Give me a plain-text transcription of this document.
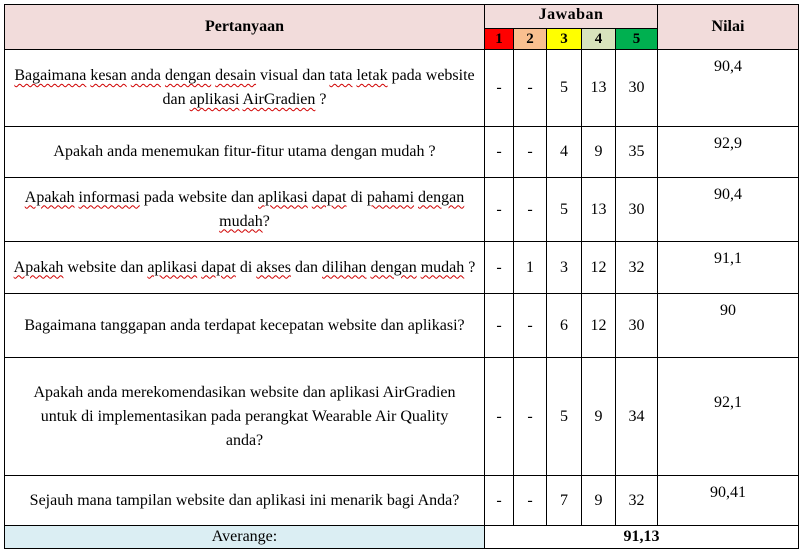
Pertanyaan	Jawaban					Nilai
	1	2	3	4	5	
Bagaimana kesan anda dengan desain visual dan tata letak pada website dan aplikasi AirGradien ?	-	-	5	13	30	90,4
Apakah anda menemukan fitur-fitur utama dengan mudah ?	-	-	4	9	35	92,9
Apakah informasi pada website dan aplikasi dapat di pahami dengan mudah?	-	-	5	13	30	90,4
Apakah website dan aplikasi dapat di akses dan dilihan dengan mudah ?	-	1	3	12	32	91,1
Bagaimana tanggapan anda terdapat kecepatan website dan aplikasi?	-	-	6	12	30	90
Apakah anda merekomendasikan website dan aplikasi AirGradien untuk di implementasikan pada perangkat Wearable Air Quality anda?	-	-	5	9	34	92,1
Sejauh mana tampilan website dan aplikasi ini menarik bagi Anda?	-	-	7	9	32	90,41
Averange:	91,13					
